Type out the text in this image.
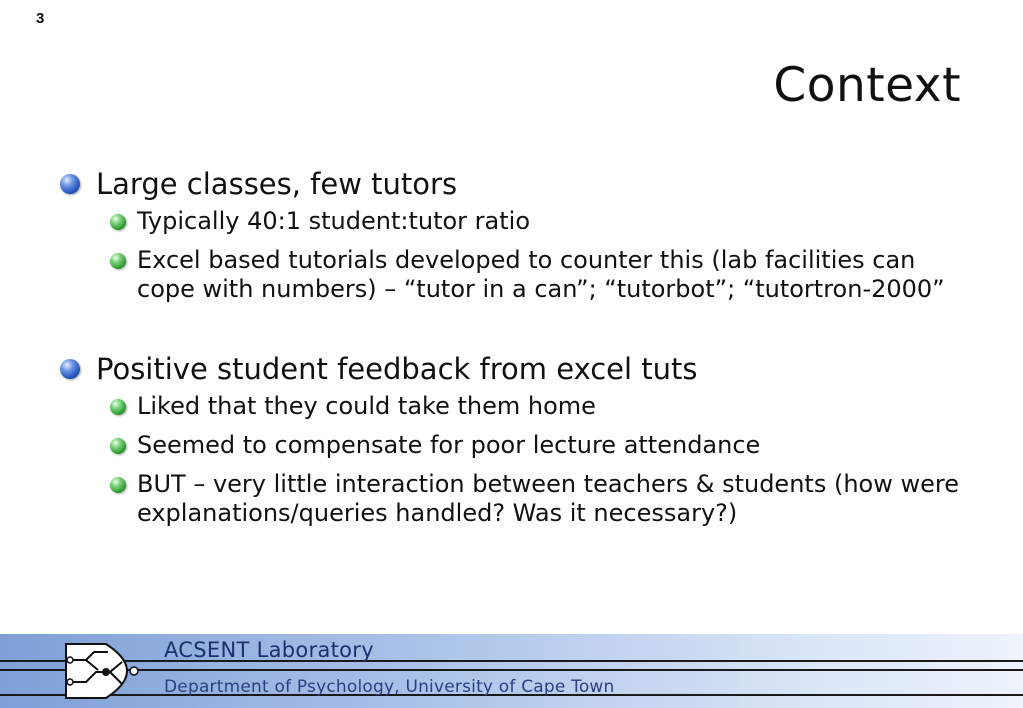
3
Context
Large classes, few tutors
Typically 40:1 student:tutor ratio
Excel based tutorials developed to counter this (lab facilities can cope with numbers) – “tutor in a can”; “tutorbot”; “tutortron-2000”
Positive student feedback from excel tuts
Liked that they could take them home
Seemed to compensate for poor lecture attendance
BUT – very little interaction between teachers & students (how were explanations/queries handled? Was it necessary?)
ACSENT Laboratory
Department of Psychology, University of Cape Town
